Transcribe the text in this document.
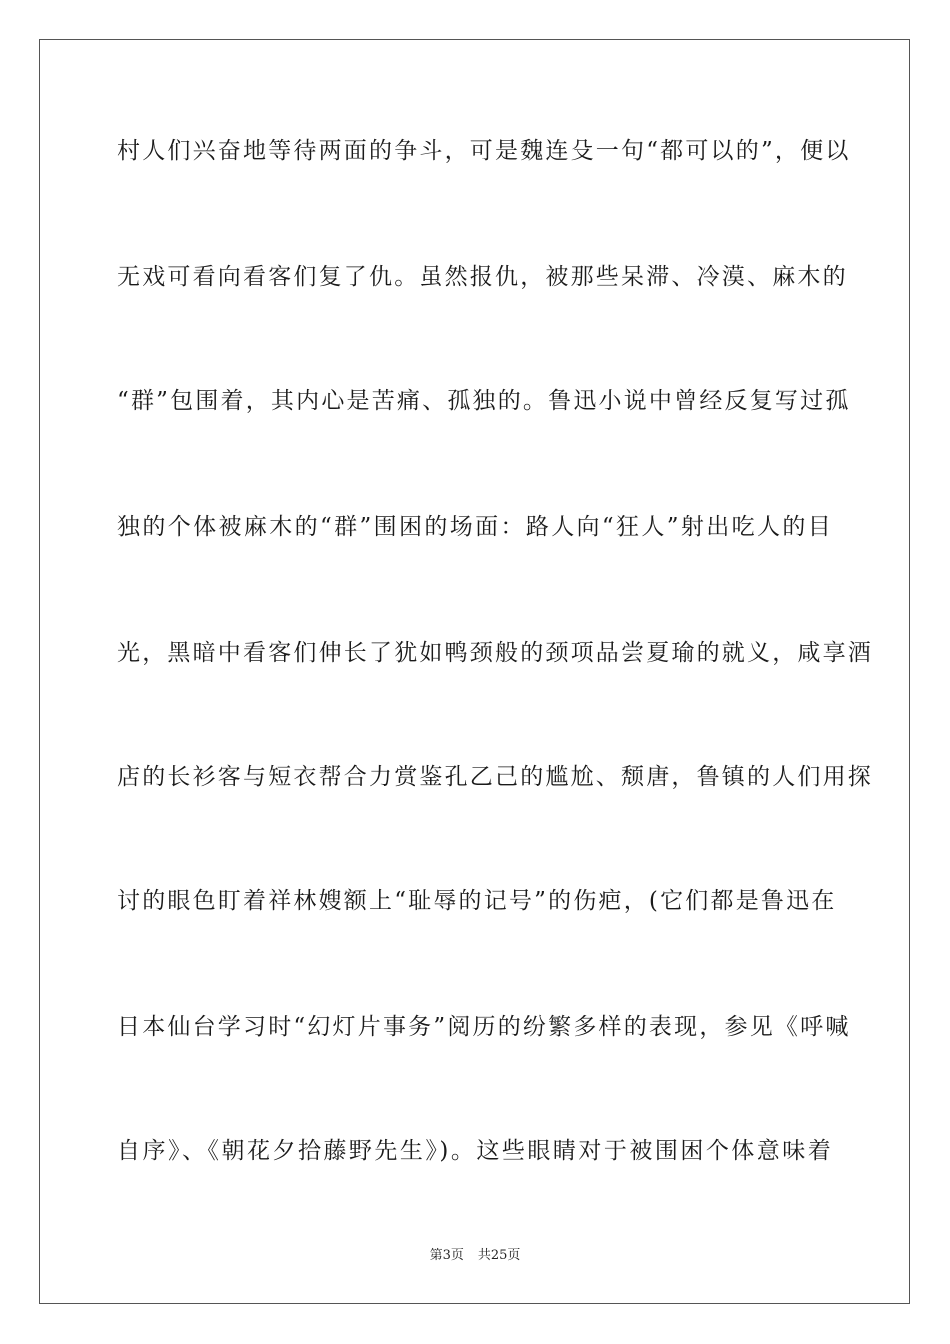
村人们兴奋地等待两面的争斗，可是魏连殳一句“都可以的”，便以

无戏可看向看客们复了仇。虽然报仇，被那些呆滞、冷漠、麻木的

“群”包围着，其内心是苦痛、孤独的。鲁迅小说中曾经反复写过孤

独的个体被麻木的“群”围困的场面：路人向“狂人”射出吃人的目

光，黑暗中看客们伸长了犹如鸭颈般的颈项品尝夏瑜的就义，咸享酒

店的长衫客与短衣帮合力赏鉴孔乙己的尴尬、颓唐，鲁镇的人们用探

讨的眼色盯着祥林嫂额上“耻辱的记号”的伤疤，(它们都是鲁迅在

日本仙台学习时“幻灯片事务”阅历的纷繁多样的表现，参见《呼喊

自序》、《朝花夕拾藤野先生》)。这些眼睛对于被围困个体意味着

第3页 共25页
